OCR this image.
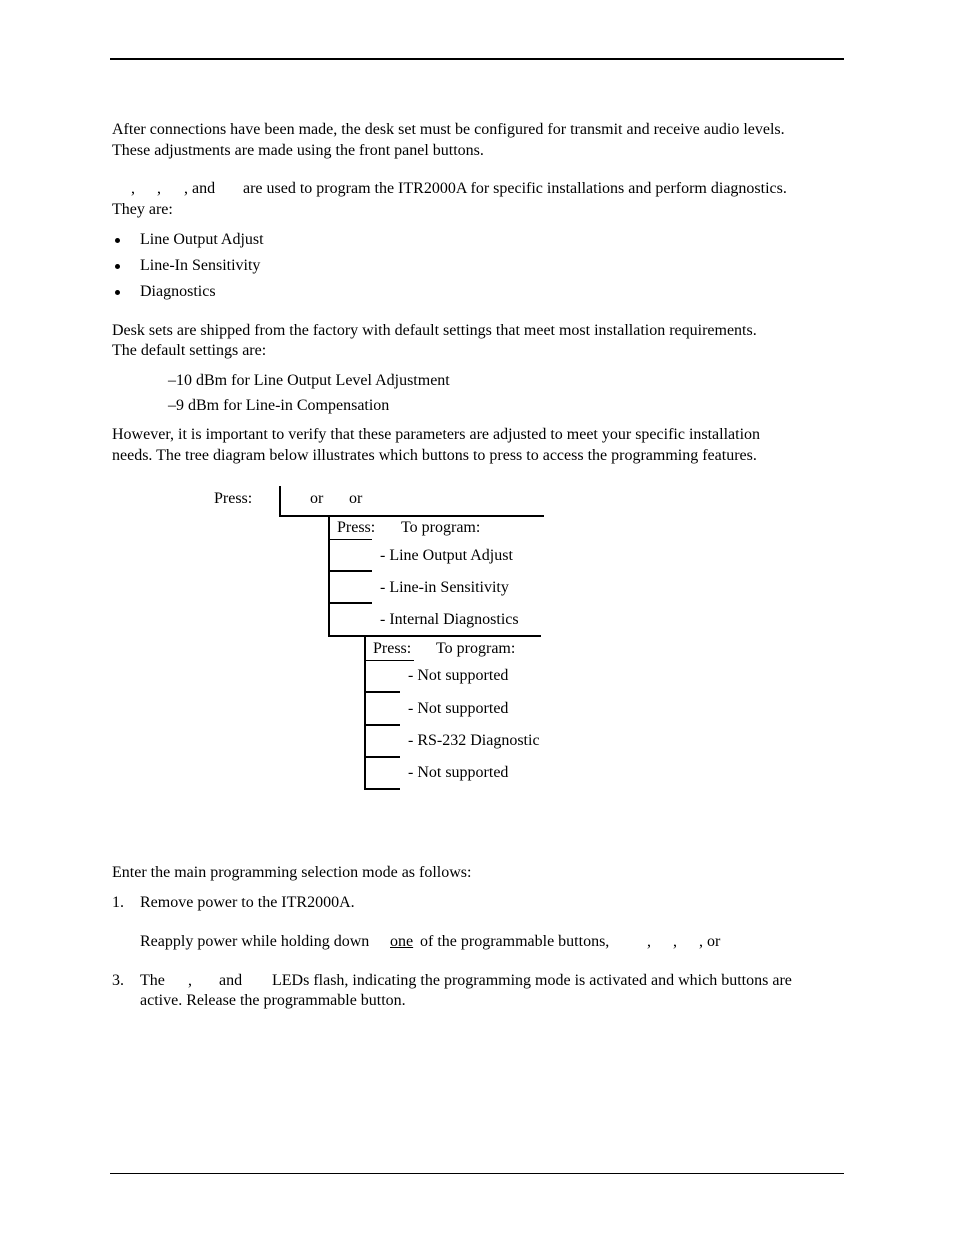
After connections have been made, the desk set must be configured for transmit and receive audio levels.
These adjustments are made using the front panel buttons.
, , , and are used to program the ITR2000A for specific installations and perform diagnostics.
They are:
Line Output Adjust
Line-In Sensitivity
Diagnostics
Desk sets are shipped from the factory with default settings that meet most installation requirements.
The default settings are:
–10 dBm for Line Output Level Adjustment
–9 dBm for Line-in Compensation
However, it is important to verify that these parameters are adjusted to meet your specific installation
needs. The tree diagram below illustrates which buttons to press to access the programming features.
Press:	or or
Press: To program:
- Line Output Adjust
- Line-in Sensitivity
- Internal Diagnostics
Press: To program:
- Not supported
- Not supported
- RS-232 Diagnostic
- Not supported
Enter the main programming selection mode as follows:
1. Remove power to the ITR2000A.
Reapply power while holding down one of the programmable buttons, , , , or
3. The , and LEDs flash, indicating the programming mode is activated and which buttons are
active. Release the programmable button.
